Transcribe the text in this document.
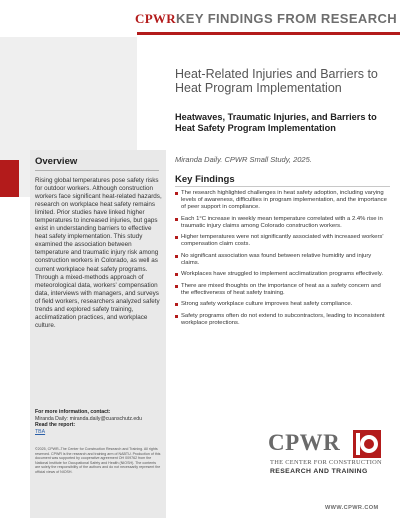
CPWR KEY FINDINGS FROM RESEARCH
Heat-Related Injuries and Barriers to Heat Program Implementation
Heatwaves, Traumatic Injuries, and Barriers to Heat Safety Program Implementation

Miranda Daily. CPWR Small Study, 2025.

Overview

Rising global temperatures pose safety risks for outdoor workers. Although construction workers face significant heat-related hazards, research on workplace heat safety remains limited. Prior studies have linked higher temperatures to increased injuries, but gaps exist in understanding barriers to effective heat safety implementation. This study examined the association between temperature and traumatic injury risk among construction workers in Colorado, as well as current workplace heat safety programs. Through a mixed-methods approach of meteorological data, workers' compensation data, interviews with managers, and surveys of field workers, researchers analyzed safety trends and explored safety training, acclimatization practices, and workplace culture.

For more information, contact:
Miranda Daily: miranda.daily@cuanschutz.edu
Read the report:
TBA

©2025, CPWR–The Center for Construction Research and Training. All rights reserved. CPWR is the research and training arm of NABTU. Production of this document was supported by cooperative agreement OH 009762 from the National Institute for Occupational Safety and Health (NIOSH). The contents are solely the responsibility of the authors and do not necessarily represent the official views of NIOSH.

Key Findings
The research highlighted challenges in heat safety adoption, including varying levels of awareness, difficulties in program implementation, and the importance of peer support in compliance.
Each 1°C increase in weekly mean temperature correlated with a 2.4% rise in traumatic injury claims among Colorado construction workers.
Higher temperatures were not significantly associated with increased workers' compensation claim costs.
No significant association was found between relative humidity and injury claims.
Workplaces have struggled to implement acclimatization programs effectively.
There are mixed thoughts on the importance of heat as a safety concern and the effectiveness of heat safety training.
Strong safety workplace culture improves heat safety compliance.
Safety programs often do not extend to subcontractors, leading to inconsistent workplace protections.
CPWR
THE CENTER FOR CONSTRUCTION
RESEARCH AND TRAINING
WWW.CPWR.COM
